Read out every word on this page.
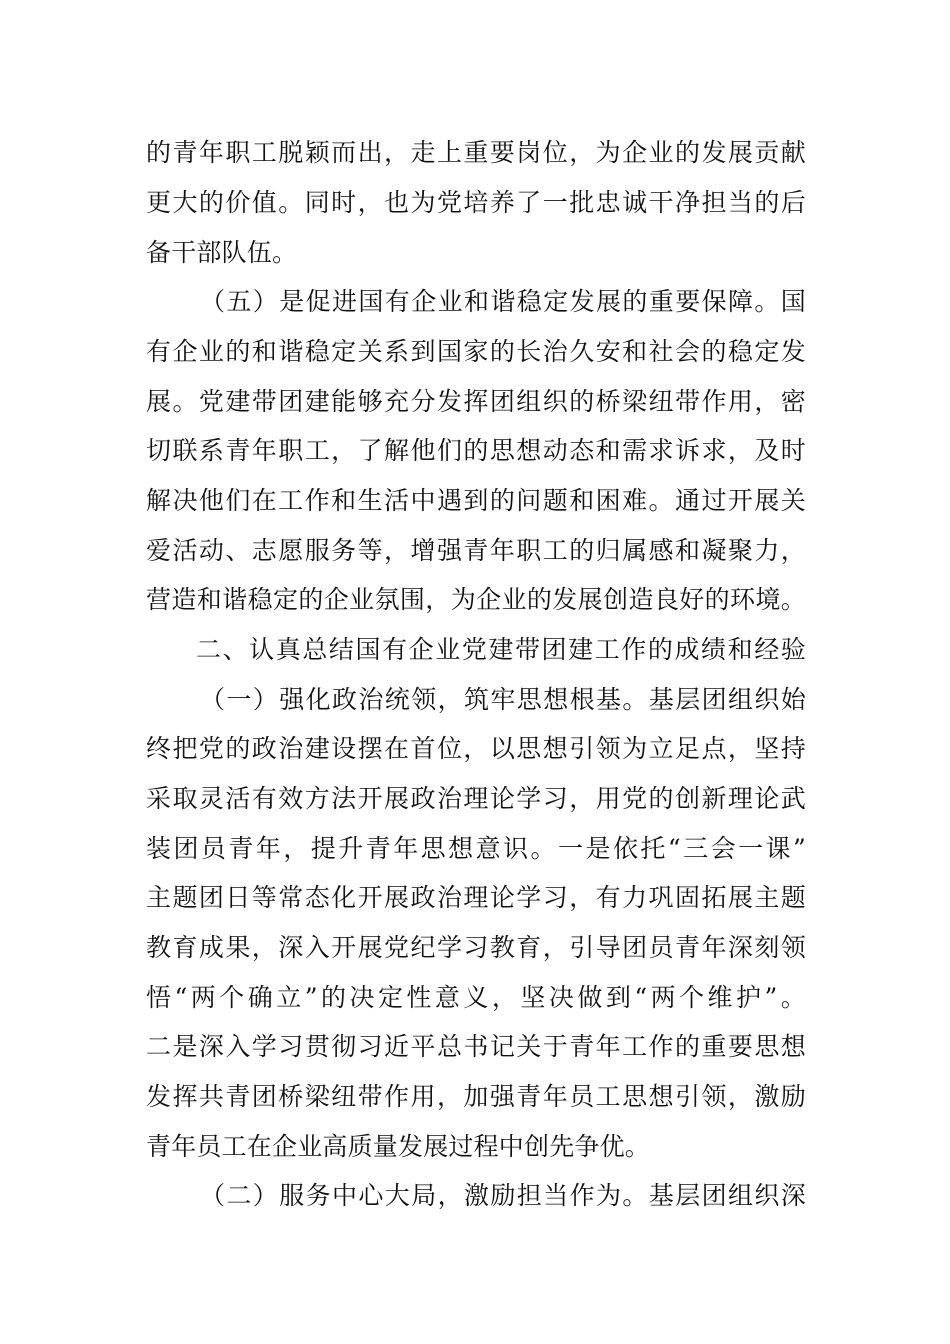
的青年职工脱颖而出，走上重要岗位，为企业的发展贡献
更大的价值。同时，也为党培养了一批忠诚干净担当的后
备干部队伍。
（五）是促进国有企业和谐稳定发展的重要保障。国
有企业的和谐稳定关系到国家的长治久安和社会的稳定发
展。党建带团建能够充分发挥团组织的桥梁纽带作用，密
切联系青年职工，了解他们的思想动态和需求诉求，及时
解决他们在工作和生活中遇到的问题和困难。通过开展关
爱活动、志愿服务等，增强青年职工的归属感和凝聚力，
营造和谐稳定的企业氛围，为企业的发展创造良好的环境。
二、认真总结国有企业党建带团建工作的成绩和经验
（一）强化政治统领，筑牢思想根基。基层团组织始
终把党的政治建设摆在首位，以思想引领为立足点，坚持
采取灵活有效方法开展政治理论学习，用党的创新理论武
装团员青年，提升青年思想意识。一是依托“三会一课”
主题团日等常态化开展政治理论学习，有力巩固拓展主题
教育成果，深入开展党纪学习教育，引导团员青年深刻领
悟“两个确立”的决定性意义，坚决做到“两个维护”。
二是深入学习贯彻习近平总书记关于青年工作的重要思想
发挥共青团桥梁纽带作用，加强青年员工思想引领，激励
青年员工在企业高质量发展过程中创先争优。
（二）服务中心大局，激励担当作为。基层团组织深
